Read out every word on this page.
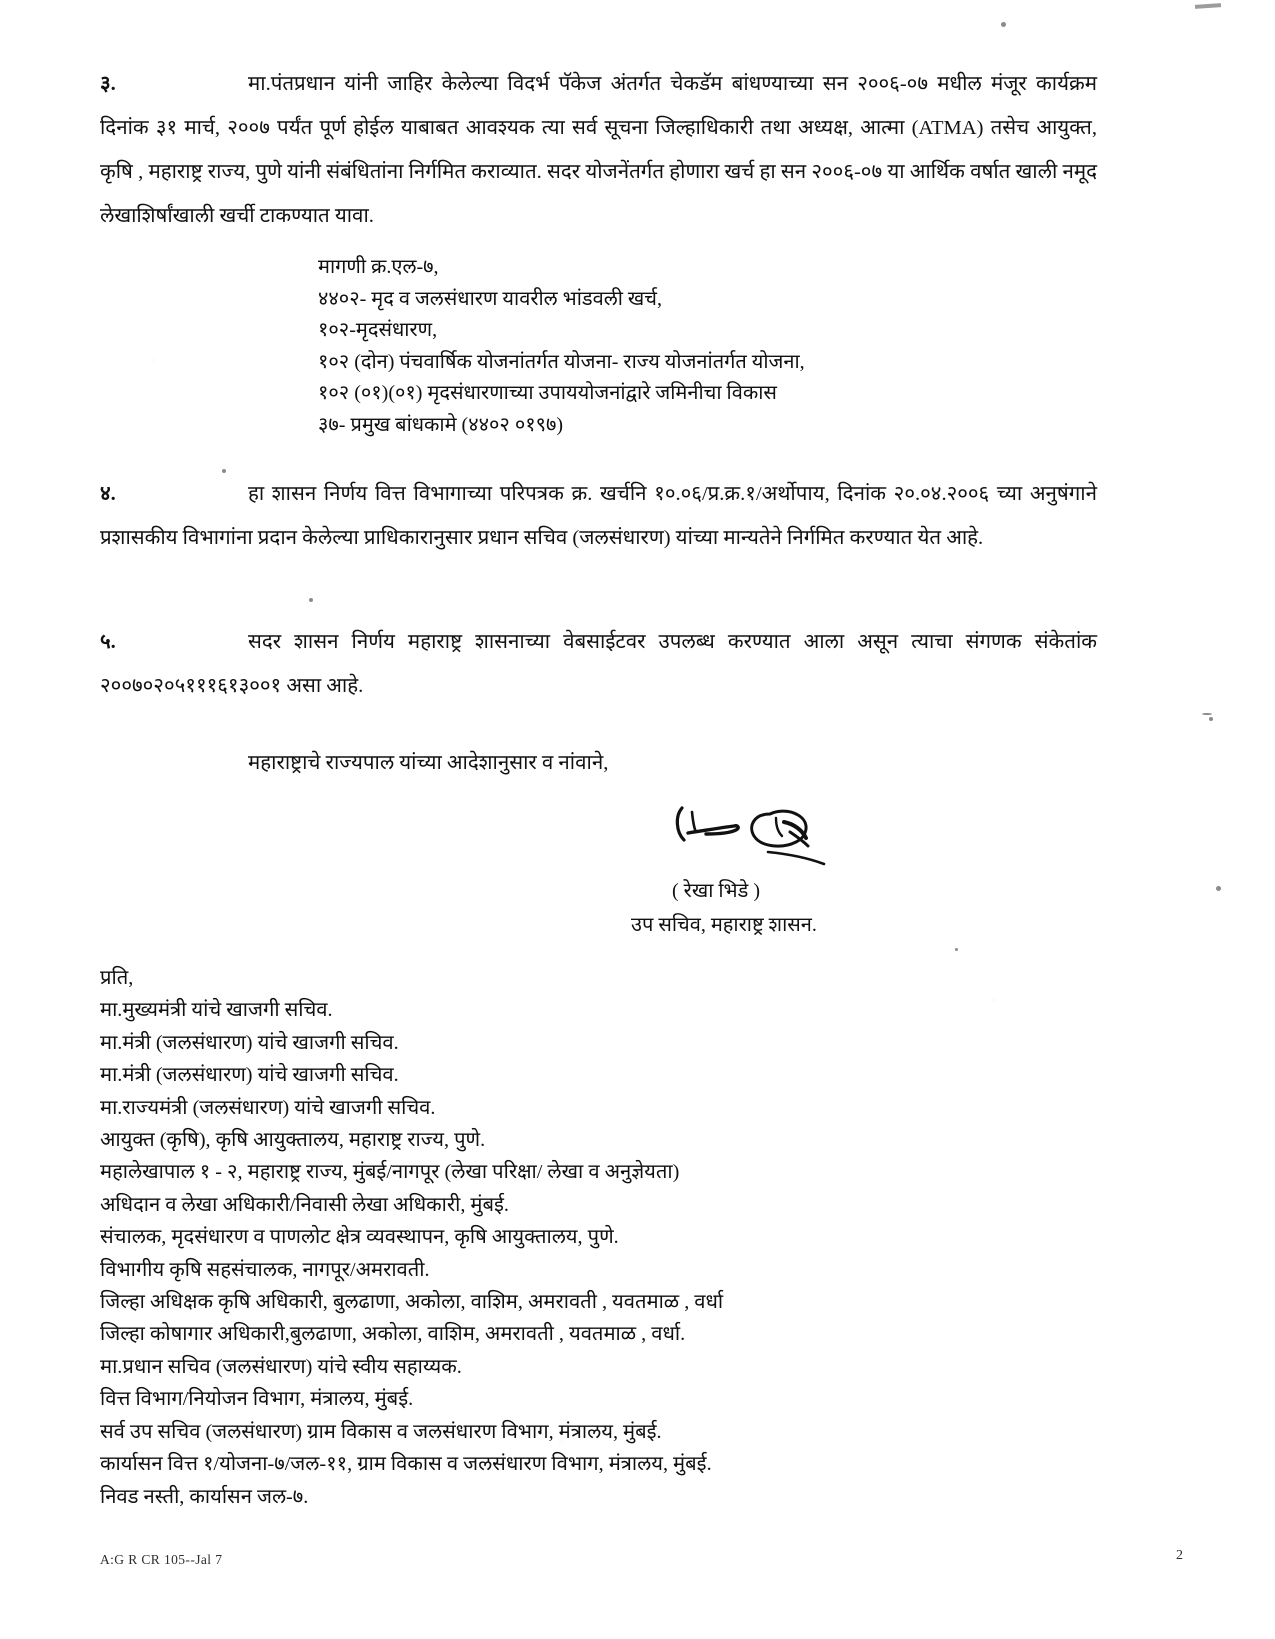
३.	मा.पंतप्रधान यांनी जाहिर केलेल्या विदर्भ पॅकेज अंतर्गत चेकडॅम बांधण्याच्या सन २००६-०७ मधील मंजूर कार्यक्रम दिनांक ३१ मार्च, २००७ पर्यंत पूर्ण होईल याबाबत आवश्यक त्या सर्व सूचना जिल्हाधिकारी तथा अध्यक्ष, आत्मा (ATMA) तसेच आयुक्त, कृषि , महाराष्ट्र राज्य, पुणे यांनी संबंधितांना निर्गमित कराव्यात. सदर योजनेंतर्गत होणारा खर्च हा सन २००६-०७ या आर्थिक वर्षात खाली नमूद लेखाशिर्षांखाली खर्ची टाकण्यात यावा.
मागणी क्र.एल-७,
४४०२- मृद व जलसंधारण यावरील भांडवली खर्च,
१०२-मृदसंधारण,
१०२ (दोन) पंचवार्षिक योजनांतर्गत योजना- राज्य योजनांतर्गत योजना,
१०२ (०१)(०१) मृदसंधारणाच्या उपाययोजनांद्वारे जमिनीचा विकास
३७- प्रमुख बांधकामे (४४०२ ०१९७)
४.	हा शासन निर्णय वित्त विभागाच्या परिपत्रक क्र. खर्चनि १०.०६/प्र.क्र.१/अर्थोपाय, दिनांक २०.०४.२००६ च्या अनुषंगाने प्रशासकीय विभागांना प्रदान केलेल्या प्राधिकारानुसार प्रधान सचिव (जलसंधारण) यांच्या मान्यतेने निर्गमित करण्यात येत आहे.
५.	सदर शासन निर्णय महाराष्ट्र शासनाच्या वेबसाईटवर उपलब्ध करण्यात आला असून त्याचा संगणक संकेतांक २००७०२०५१११६१३००१ असा आहे.
महाराष्ट्राचे राज्यपाल यांच्या आदेशानुसार व नांवाने,
( रेखा भिडे )
उप सचिव, महाराष्ट्र शासन.
प्रति,
मा.मुख्यमंत्री यांचे खाजगी सचिव.
मा.मंत्री (जलसंधारण) यांचे खाजगी सचिव.
मा.मंत्री (जलसंधारण) यांचे खाजगी सचिव.
मा.राज्यमंत्री (जलसंधारण) यांचे खाजगी सचिव.
आयुक्त (कृषि), कृषि आयुक्तालय, महाराष्ट्र राज्य, पुणे.
महालेखापाल १ - २, महाराष्ट्र राज्य, मुंबई/नागपूर (लेखा परिक्षा/ लेखा व अनुज्ञेयता)
अधिदान व लेखा अधिकारी/निवासी लेखा अधिकारी, मुंबई.
संचालक, मृदसंधारण व पाणलोट क्षेत्र व्यवस्थापन, कृषि आयुक्तालय, पुणे.
विभागीय कृषि सहसंचालक, नागपूर/अमरावती.
जिल्हा अधिक्षक कृषि अधिकारी, बुलढाणा, अकोला, वाशिम, अमरावती , यवतमाळ , वर्धा
जिल्हा कोषागार अधिकारी,बुलढाणा, अकोला, वाशिम, अमरावती , यवतमाळ , वर्धा.
मा.प्रधान सचिव (जलसंधारण) यांचे स्वीय सहाय्यक.
वित्त विभाग/नियोजन विभाग, मंत्रालय, मुंबई.
सर्व उप सचिव (जलसंधारण) ग्राम विकास व जलसंधारण विभाग, मंत्रालय, मुंबई.
कार्यासन वित्त १/योजना-७/जल-११, ग्राम विकास व जलसंधारण विभाग, मंत्रालय, मुंबई.
निवड नस्ती, कार्यासन जल-७.
A:G R CR 105--Jal 7	2
